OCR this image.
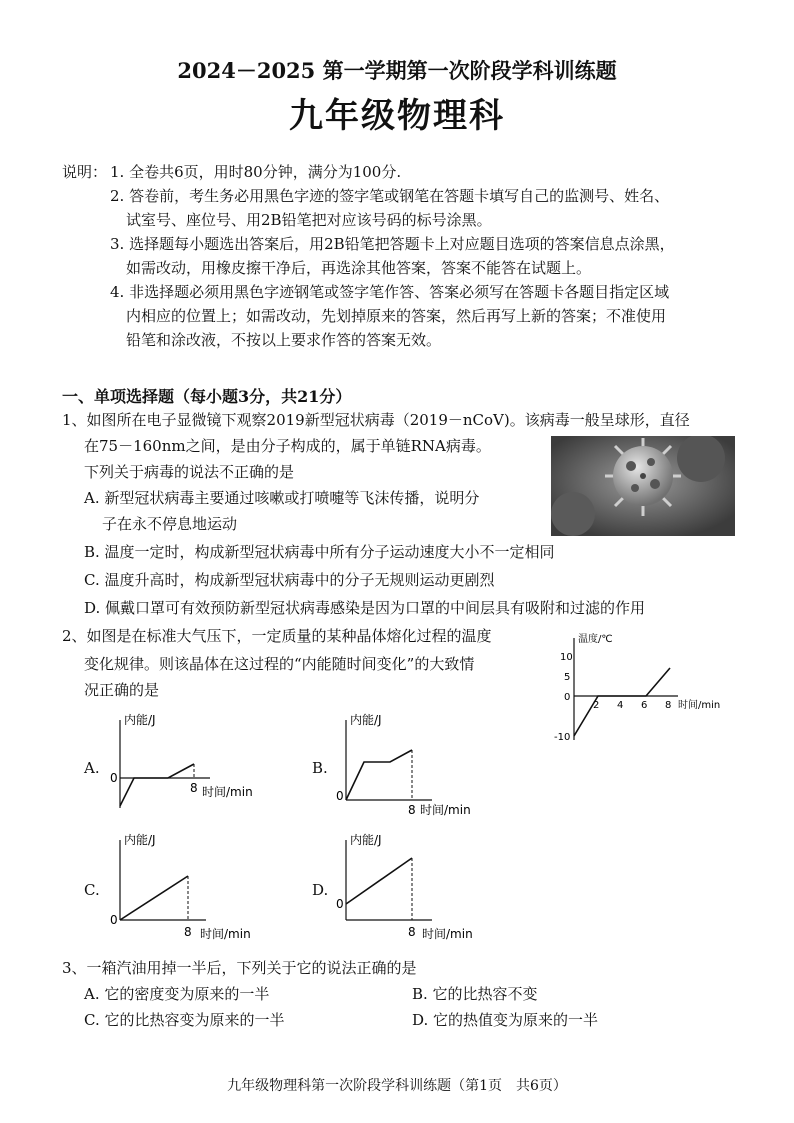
2024－2025 第一学期第一次阶段学科训练题
九年级物理科
说明： 1. 全卷共6页，用时80分钟，满分为100分.
2. 答卷前，考生务必用黑色字迹的签字笔或钢笔在答题卡填写自己的监测号、姓名、
试室号、座位号、用2B铅笔把对应该号码的标号涂黑。
3. 选择题每小题选出答案后，用2B铅笔把答题卡上对应题目选项的答案信息点涂黑，
如需改动，用橡皮擦干净后，再选涂其他答案，答案不能答在试题上。
4. 非选择题必须用黑色字迹钢笔或签字笔作答、答案必须写在答题卡各题目指定区域
内相应的位置上；如需改动，先划掉原来的答案，然后再写上新的答案；不准使用
铅笔和涂改液，不按以上要求作答的答案无效。
一、单项选择题（每小题3分，共21分）
1、如图所在电子显微镜下观察2019新型冠状病毒（2019－nCoV)。该病毒一般呈球形，直径
在75－160nm之间，是由分子构成的，属于单链RNA病毒。
下列关于病毒的说法不正确的是
A. 新型冠状病毒主要通过咳嗽或打喷嚏等飞沫传播，说明分
子在永不停息地运动
B. 温度一定时，构成新型冠状病毒中所有分子运动速度大小不一定相同
C. 温度升高时，构成新型冠状病毒中的分子无规则运动更剧烈
D. 佩戴口罩可有效预防新型冠状病毒感染是因为口罩的中间层具有吸附和过滤的作用
2、如图是在标准大气压下，一定质量的某种晶体熔化过程的温度
变化规律。则该晶体在这过程的“内能随时间变化”的大致情
况正确的是
温度/℃
时间/min
10
5
0
-10
2 4 6 8
A.
内能/J
0
8 时间/min
B.
内能/J
0
8 时间/min
C.
内能/J
0
8 时间/min
D.
内能/J
0
8 时间/min
3、一箱汽油用掉一半后，下列关于它的说法正确的是
A. 它的密度变为原来的一半	B. 它的比热容不变
C. 它的比热容变为原来的一半	D. 它的热值变为原来的一半
九年级物理科第一次阶段学科训练题（第1页　共6页）
